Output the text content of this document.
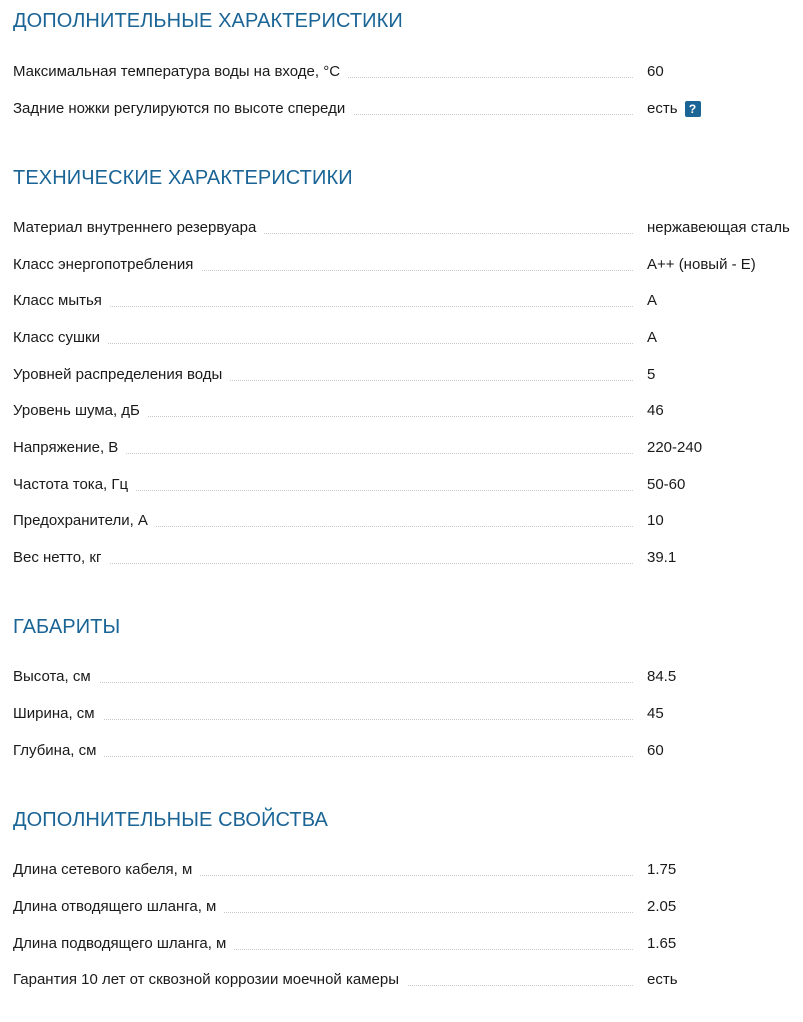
ДОПОЛНИТЕЛЬНЫЕ ХАРАКТЕРИСТИКИ
Максимальная температура воды на входе, °C	60
Задние ножки регулируются по высоте спереди	есть ?
ТЕХНИЧЕСКИЕ ХАРАКТЕРИСТИКИ
Материал внутреннего резервуара	нержавеющая сталь
Класс энергопотребления	A++ (новый - E)
Класс мытья	A
Класс сушки	A
Уровней распределения воды	5
Уровень шума, дБ	46
Напряжение, В	220-240
Частота тока, Гц	50-60
Предохранители, А	10
Вес нетто, кг	39.1
ГАБАРИТЫ
Высота, см	84.5
Ширина, см	45
Глубина, см	60
ДОПОЛНИТЕЛЬНЫЕ СВОЙСТВА
Длина сетевого кабеля, м	1.75
Длина отводящего шланга, м	2.05
Длина подводящего шланга, м	1.65
Гарантия 10 лет от сквозной коррозии моечной камеры	есть
